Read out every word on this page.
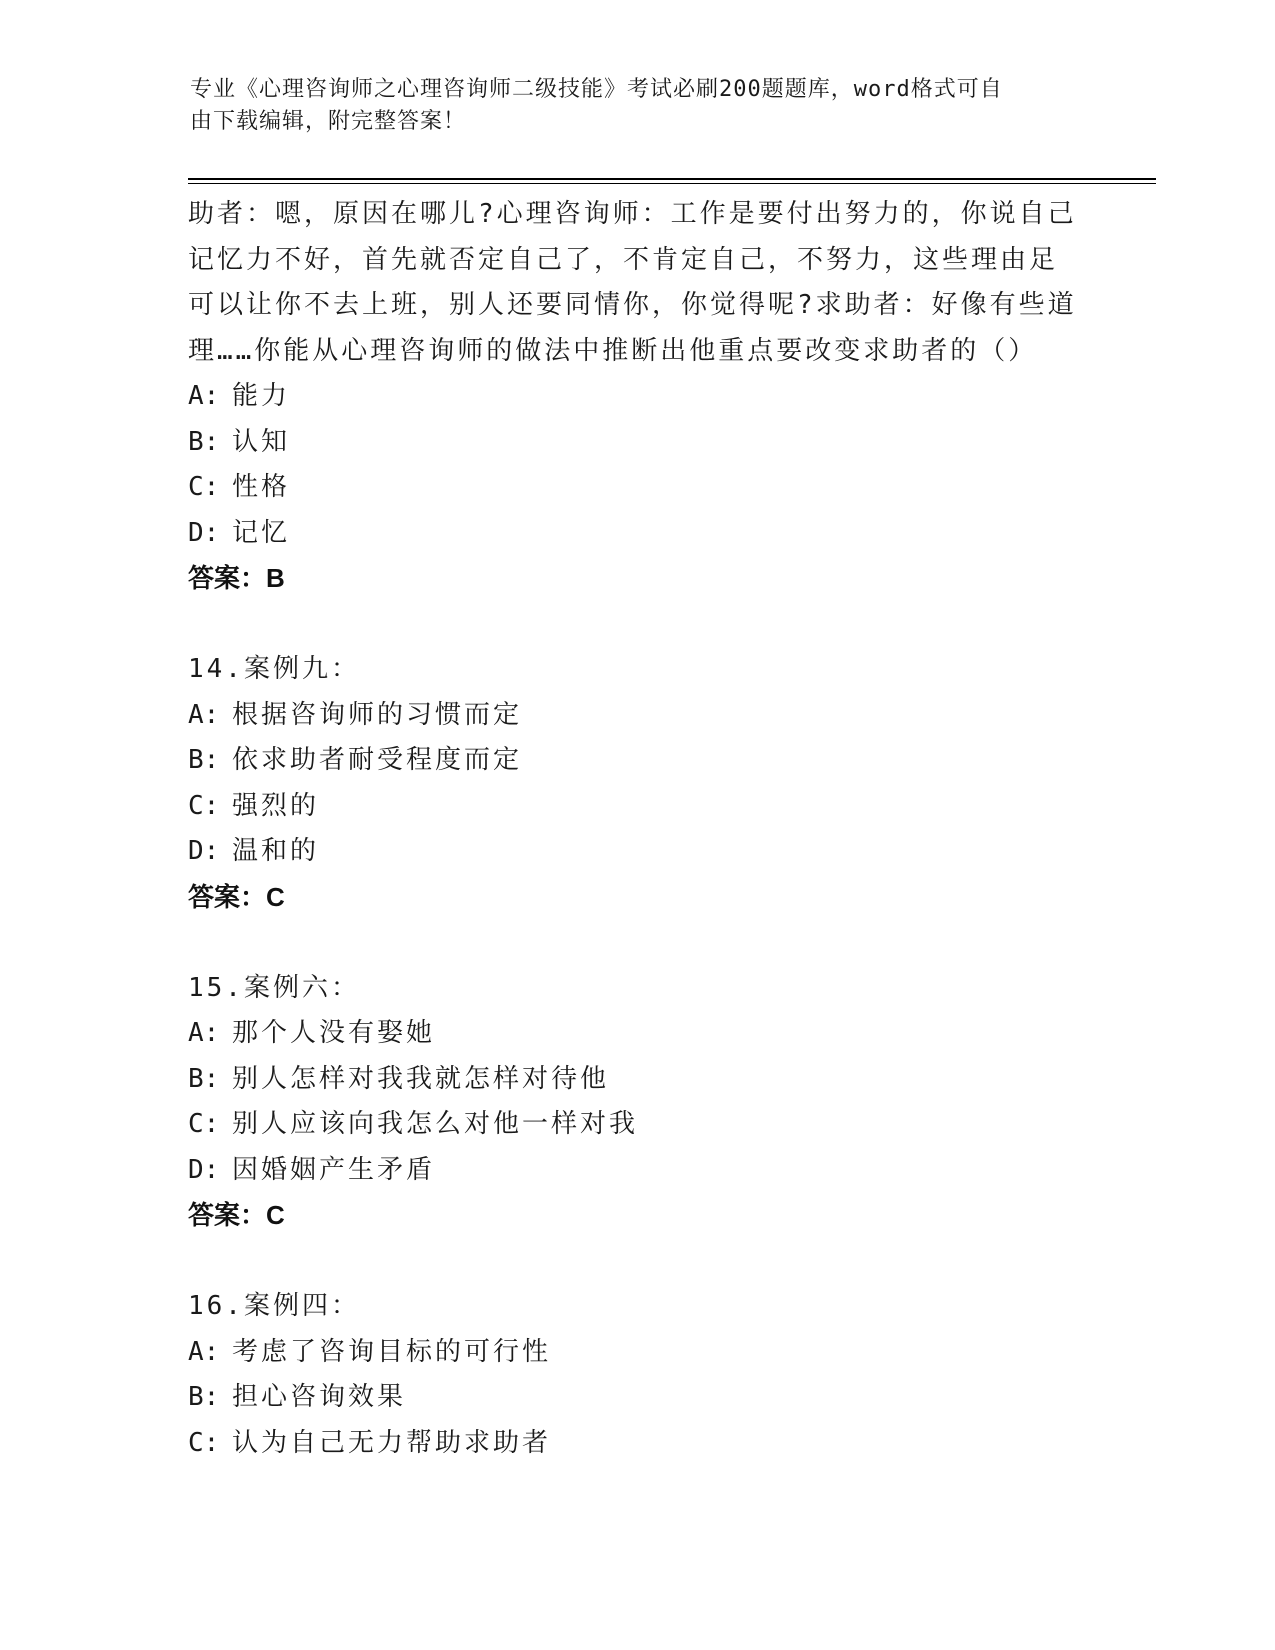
专业《心理咨询师之心理咨询师二级技能》考试必刷200题题库，word格式可自
由下载编辑，附完整答案！
助者：嗯，原因在哪儿?心理咨询师：工作是要付出努力的，你说自己
记忆力不好，首先就否定自己了，不肯定自己，不努力，这些理由足
可以让你不去上班，别人还要同情你，你觉得呢?求助者：好像有些道
理……你能从心理咨询师的做法中推断出他重点要改变求助者的（）
A: 能力
B: 认知
C: 性格
D: 记忆
答案：B
14.案例九：
A: 根据咨询师的习惯而定
B: 依求助者耐受程度而定
C: 强烈的
D: 温和的
答案：C
15.案例六：
A: 那个人没有娶她
B: 别人怎样对我我就怎样对待他
C: 别人应该向我怎么对他一样对我
D: 因婚姻产生矛盾
答案：C
16.案例四：
A: 考虑了咨询目标的可行性
B: 担心咨询效果
C: 认为自己无力帮助求助者
